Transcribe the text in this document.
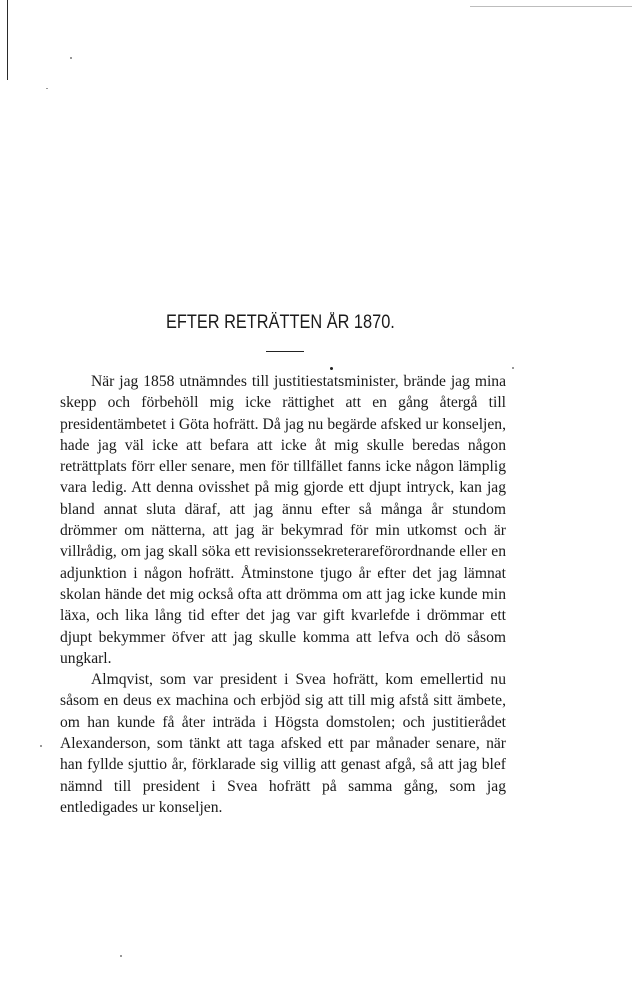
EFTER RETRÄTTEN ÅR 1870.

När jag 1858 utnämndes till justitiestatsminister, brände jag mina skepp och förbehöll mig icke rättighet att en gång återgå till presidentämbetet i Göta hofrätt. Då jag nu begärde afsked ur konseljen, hade jag väl icke att befara att icke åt mig skulle beredas någon reträttplats förr eller senare, men för tillfället fanns icke någon lämplig vara ledig. Att denna ovisshet på mig gjorde ett djupt intryck, kan jag bland annat sluta däraf, att jag ännu efter så många år stundom drömmer om nätterna, att jag är bekymrad för min utkomst och är villrådig, om jag skall söka ett revisionssekreterareförordnande eller en adjunktion i någon hofrätt. Åtminstone tjugo år efter det jag lämnat skolan hände det mig också ofta att drömma om att jag icke kunde min läxa, och lika lång tid efter det jag var gift kvarlefde i drömmar ett djupt bekymmer öfver att jag skulle komma att lefva och dö såsom ungkarl.

Almqvist, som var president i Svea hofrätt, kom emellertid nu såsom en deus ex machina och erbjöd sig att till mig afstå sitt ämbete, om han kunde få åter inträda i Högsta domstolen; och justitierådet Alexanderson, som tänkt att taga afsked ett par månader senare, när han fyllde sjuttio år, förklarade sig villig att genast afgå, så att jag blef nämnd till president i Svea hofrätt på samma gång, som jag entledigades ur konseljen.
